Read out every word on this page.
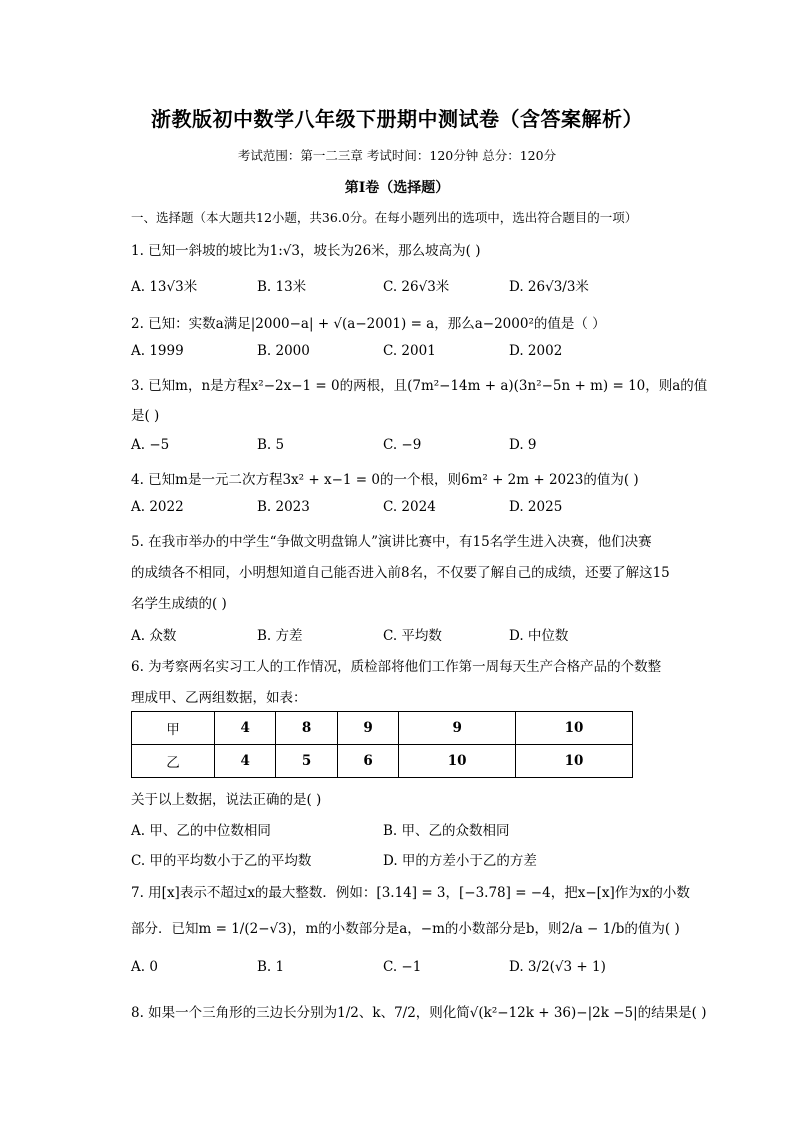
浙教版初中数学八年级下册期中测试卷（含答案解析）
考试范围：第一二三章 考试时间：120分钟 总分：120分
第Ⅰ卷（选择题）
一、选择题（本大题共12小题，共36.0分。在每小题列出的选项中，选出符合题目的一项）
1. 已知一斜坡的坡比为1:√3，坡长为26米，那么坡高为( )
A. 13√3米	B. 13米	C. 26√3米	D. 26√3/3米
2. 已知：实数a满足|2000−a| + √(a−2001) = a，那么a−2000²的值是（ ）
A. 1999	B. 2000	C. 2001	D. 2002
3. 已知m，n是方程x²−2x−1 = 0的两根，且(7m²−14m + a)(3n²−5n + m) = 10，则a的值
是( )
A. −5	B. 5	C. −9	D. 9
4. 已知m是一元二次方程3x² + x−1 = 0的一个根，则6m² + 2m + 2023的值为( )
A. 2022	B. 2023	C. 2024	D. 2025
5. 在我市举办的中学生“争做文明盘锦人”演讲比赛中，有15名学生进入决赛，他们决赛
的成绩各不相同，小明想知道自己能否进入前8名，不仅要了解自己的成绩，还要了解这15
名学生成绩的( )
A. 众数	B. 方差	C. 平均数	D. 中位数
6. 为考察两名实习工人的工作情况，质检部将他们工作第一周每天生产合格产品的个数整
理成甲、乙两组数据，如表：
甲	4	8	9	9	10
乙	4	5	6	10	10
关于以上数据，说法正确的是( )
A. 甲、乙的中位数相同	B. 甲、乙的众数相同
C. 甲的平均数小于乙的平均数	D. 甲的方差小于乙的方差
7. 用[x]表示不超过x的最大整数．例如：[3.14] = 3，[−3.78] = −4，把x−[x]作为x的小数
部分．已知m = 1/(2−√3)，m的小数部分是a，−m的小数部分是b，则2/a − 1/b的值为( )
A. 0	B. 1	C. −1	D. 3/2(√3 + 1)
8. 如果一个三角形的三边长分别为1/2、k、7/2，则化简√(k²−12k + 36)−|2k −5|的结果是( )
